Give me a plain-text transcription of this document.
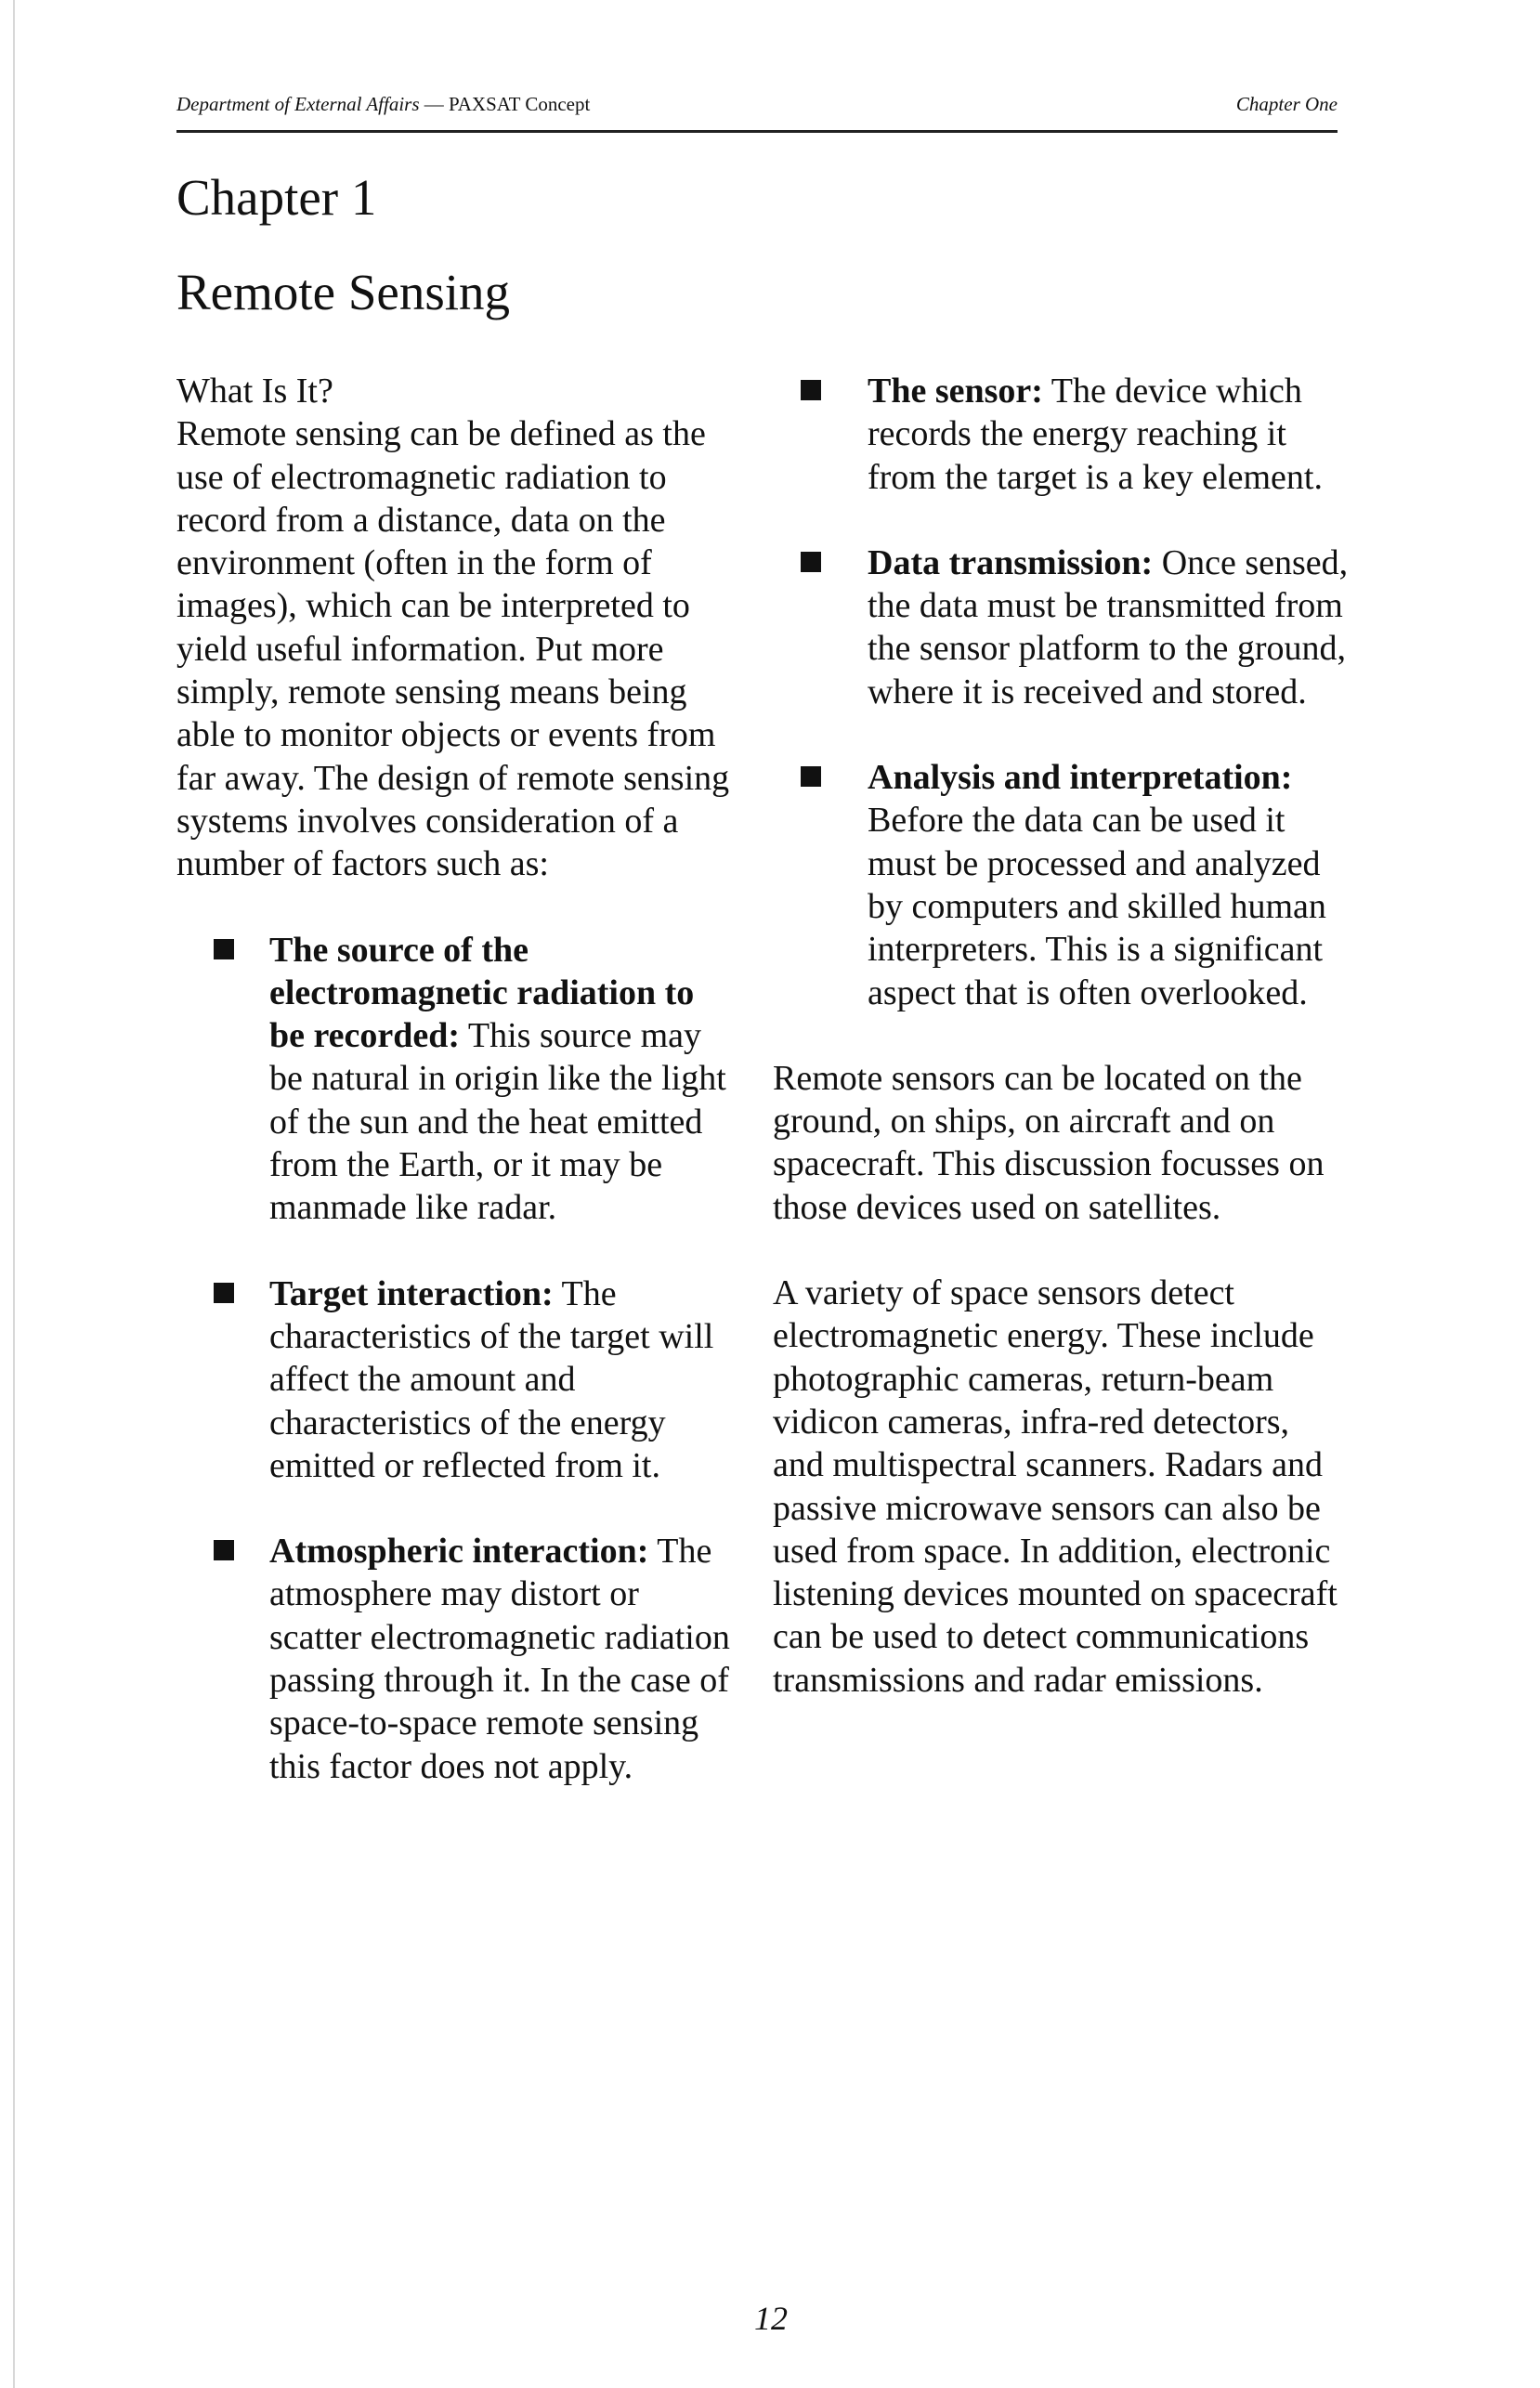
Department of External Affairs — PAXSAT Concept	Chapter One
Chapter 1
Remote Sensing
What Is It?

Remote sensing can be defined as the use of electromagnetic radiation to record from a distance, data on the environment (often in the form of images), which can be interpreted to yield useful information. Put more simply, remote sensing means being able to monitor objects or events from far away. The design of remote sensing systems involves consideration of a number of factors such as:

The source of the electromagnetic radiation to be recorded: This source may be natural in origin like the light of the sun and the heat emitted from the Earth, or it may be manmade like radar.

Target interaction: The characteristics of the target will affect the amount and characteristics of the energy emitted or reflected from it.

Atmospheric interaction: The atmosphere may distort or scatter electromagnetic radiation passing through it. In the case of space-to-space remote sensing this factor does not apply.

The sensor: The device which records the energy reaching it from the target is a key element.

Data transmission: Once sensed, the data must be transmitted from the sensor platform to the ground, where it is received and stored.

Analysis and interpretation: Before the data can be used it must be processed and analyzed by computers and skilled human interpreters. This is a significant aspect that is often overlooked.

Remote sensors can be located on the ground, on ships, on aircraft and on spacecraft. This discussion focusses on those devices used on satellites.

A variety of space sensors detect electromagnetic energy. These include photographic cameras, return-beam vidicon cameras, infra-red detectors, and multispectral scanners. Radars and passive microwave sensors can also be used from space. In addition, electronic listening devices mounted on spacecraft can be used to detect communications transmissions and radar emissions.

12
